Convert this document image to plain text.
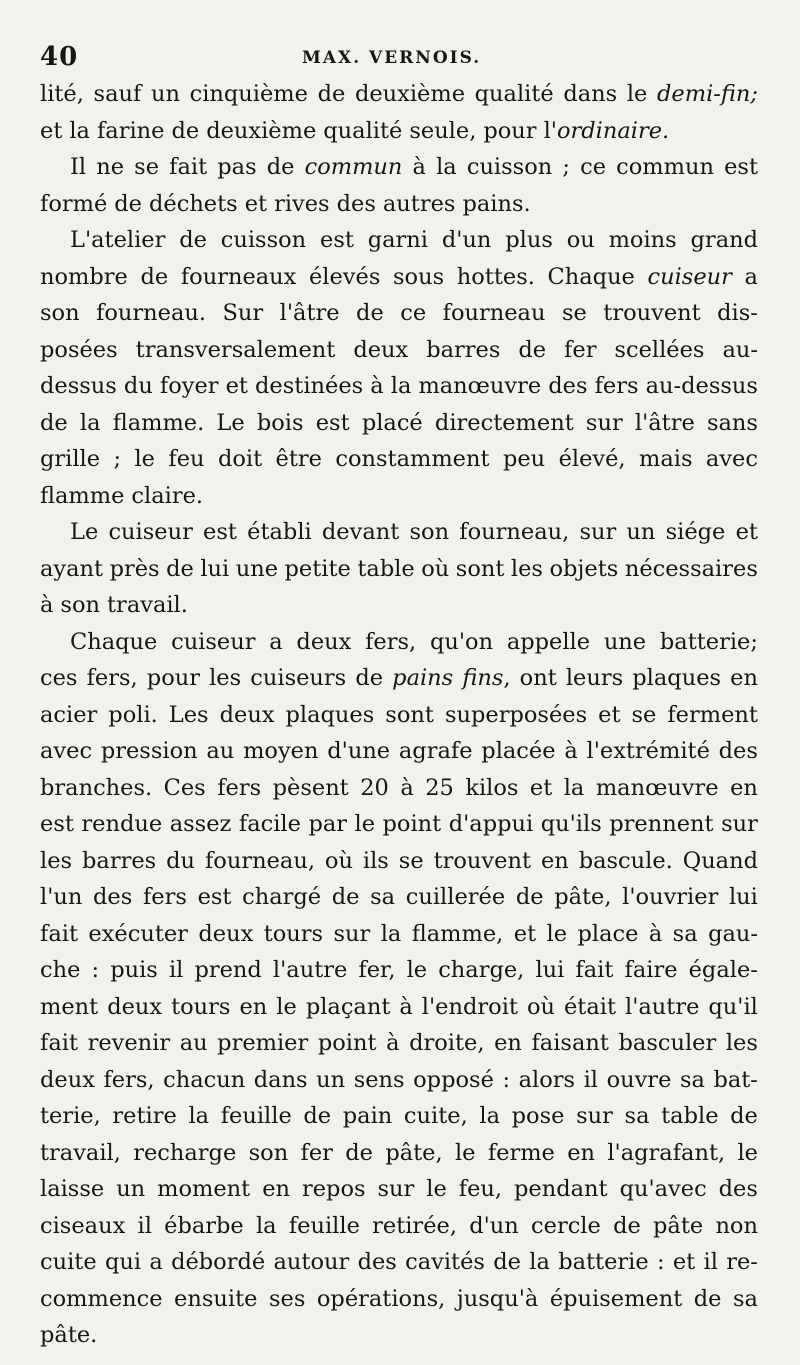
40	MAX. VERNOIS.
lité, sauf un cinquième de deuxième qualité dans le demi-fin;
et la farine de deuxième qualité seule, pour l'ordinaire.
Il ne se fait pas de commun à la cuisson ; ce commun est
formé de déchets et rives des autres pains.
L'atelier de cuisson est garni d'un plus ou moins grand
nombre de fourneaux élevés sous hottes. Chaque cuiseur a
son fourneau. Sur l'âtre de ce fourneau se trouvent dis-
posées transversalement deux barres de fer scellées au-
dessus du foyer et destinées à la manœuvre des fers au-dessus
de la flamme. Le bois est placé directement sur l'âtre sans
grille ; le feu doit être constamment peu élevé, mais avec
flamme claire.
Le cuiseur est établi devant son fourneau, sur un siége et
ayant près de lui une petite table où sont les objets nécessaires
à son travail.
Chaque cuiseur a deux fers, qu'on appelle une batterie;
ces fers, pour les cuiseurs de pains fins, ont leurs plaques en
acier poli. Les deux plaques sont superposées et se ferment
avec pression au moyen d'une agrafe placée à l'extrémité des
branches. Ces fers pèsent 20 à 25 kilos et la manœuvre en
est rendue assez facile par le point d'appui qu'ils prennent sur
les barres du fourneau, où ils se trouvent en bascule. Quand
l'un des fers est chargé de sa cuillerée de pâte, l'ouvrier lui
fait exécuter deux tours sur la flamme, et le place à sa gau-
che : puis il prend l'autre fer, le charge, lui fait faire égale-
ment deux tours en le plaçant à l'endroit où était l'autre qu'il
fait revenir au premier point à droite, en faisant basculer les
deux fers, chacun dans un sens opposé : alors il ouvre sa bat-
terie, retire la feuille de pain cuite, la pose sur sa table de
travail, recharge son fer de pâte, le ferme en l'agrafant, le
laisse un moment en repos sur le feu, pendant qu'avec des
ciseaux il ébarbe la feuille retirée, d'un cercle de pâte non
cuite qui a débordé autour des cavités de la batterie : et il re-
commence ensuite ses opérations, jusqu'à épuisement de sa
pâte.
